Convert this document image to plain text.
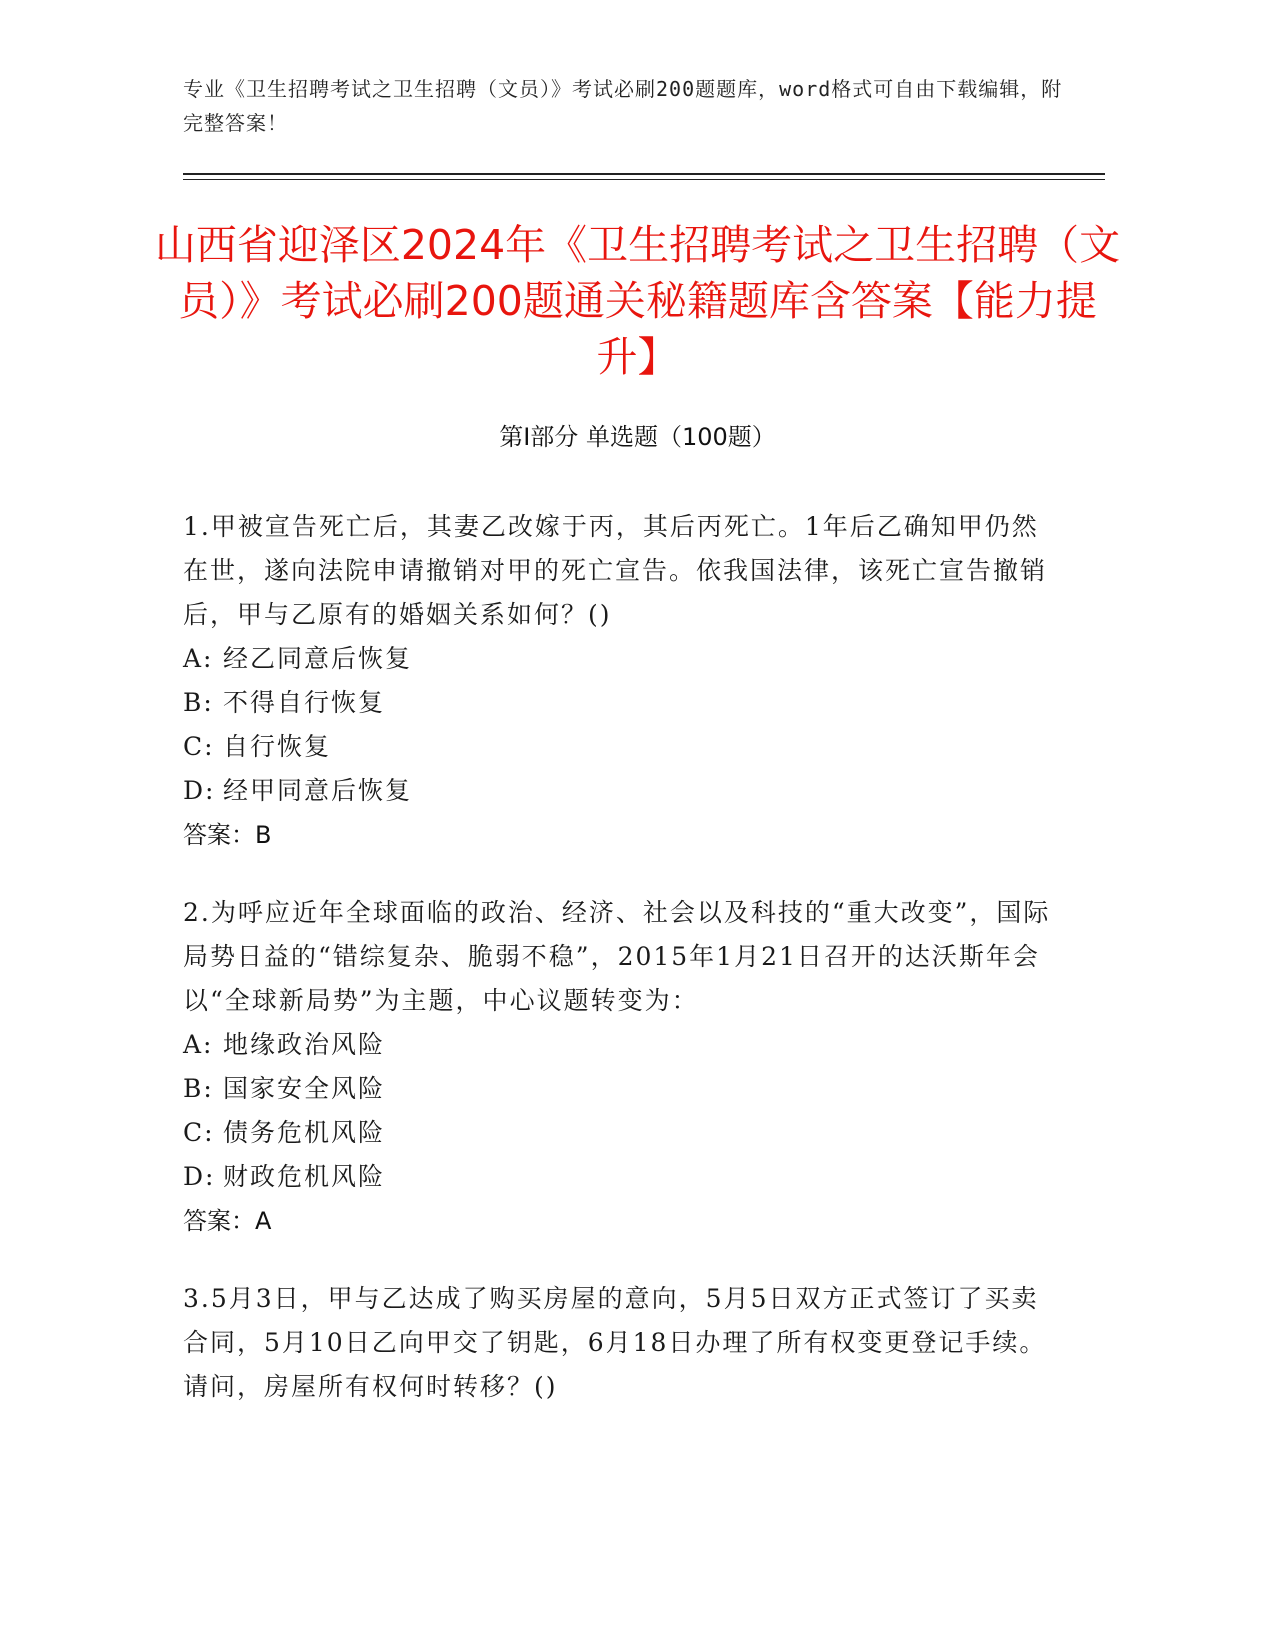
专业《卫生招聘考试之卫生招聘（文员）》考试必刷200题题库，word格式可自由下载编辑，附完整答案！
山西省迎泽区2024年《卫生招聘考试之卫生招聘（文员）》考试必刷200题通关秘籍题库含答案【能力提升】
第Ⅰ部分 单选题（100题）
1.甲被宣告死亡后，其妻乙改嫁于丙，其后丙死亡。1年后乙确知甲仍然在世，遂向法院申请撤销对甲的死亡宣告。依我国法律，该死亡宣告撤销后，甲与乙原有的婚姻关系如何？()
A: 经乙同意后恢复
B: 不得自行恢复
C: 自行恢复
D: 经甲同意后恢复
答案：B
2.为呼应近年全球面临的政治、经济、社会以及科技的“重大改变”，国际局势日益的“错综复杂、脆弱不稳”，2015年1月21日召开的达沃斯年会以“全球新局势”为主题，中心议题转变为：
A: 地缘政治风险
B: 国家安全风险
C: 债务危机风险
D: 财政危机风险
答案：A
3.5月3日，甲与乙达成了购买房屋的意向，5月5日双方正式签订了买卖合同，5月10日乙向甲交了钥匙，6月18日办理了所有权变更登记手续。请问，房屋所有权何时转移？()
